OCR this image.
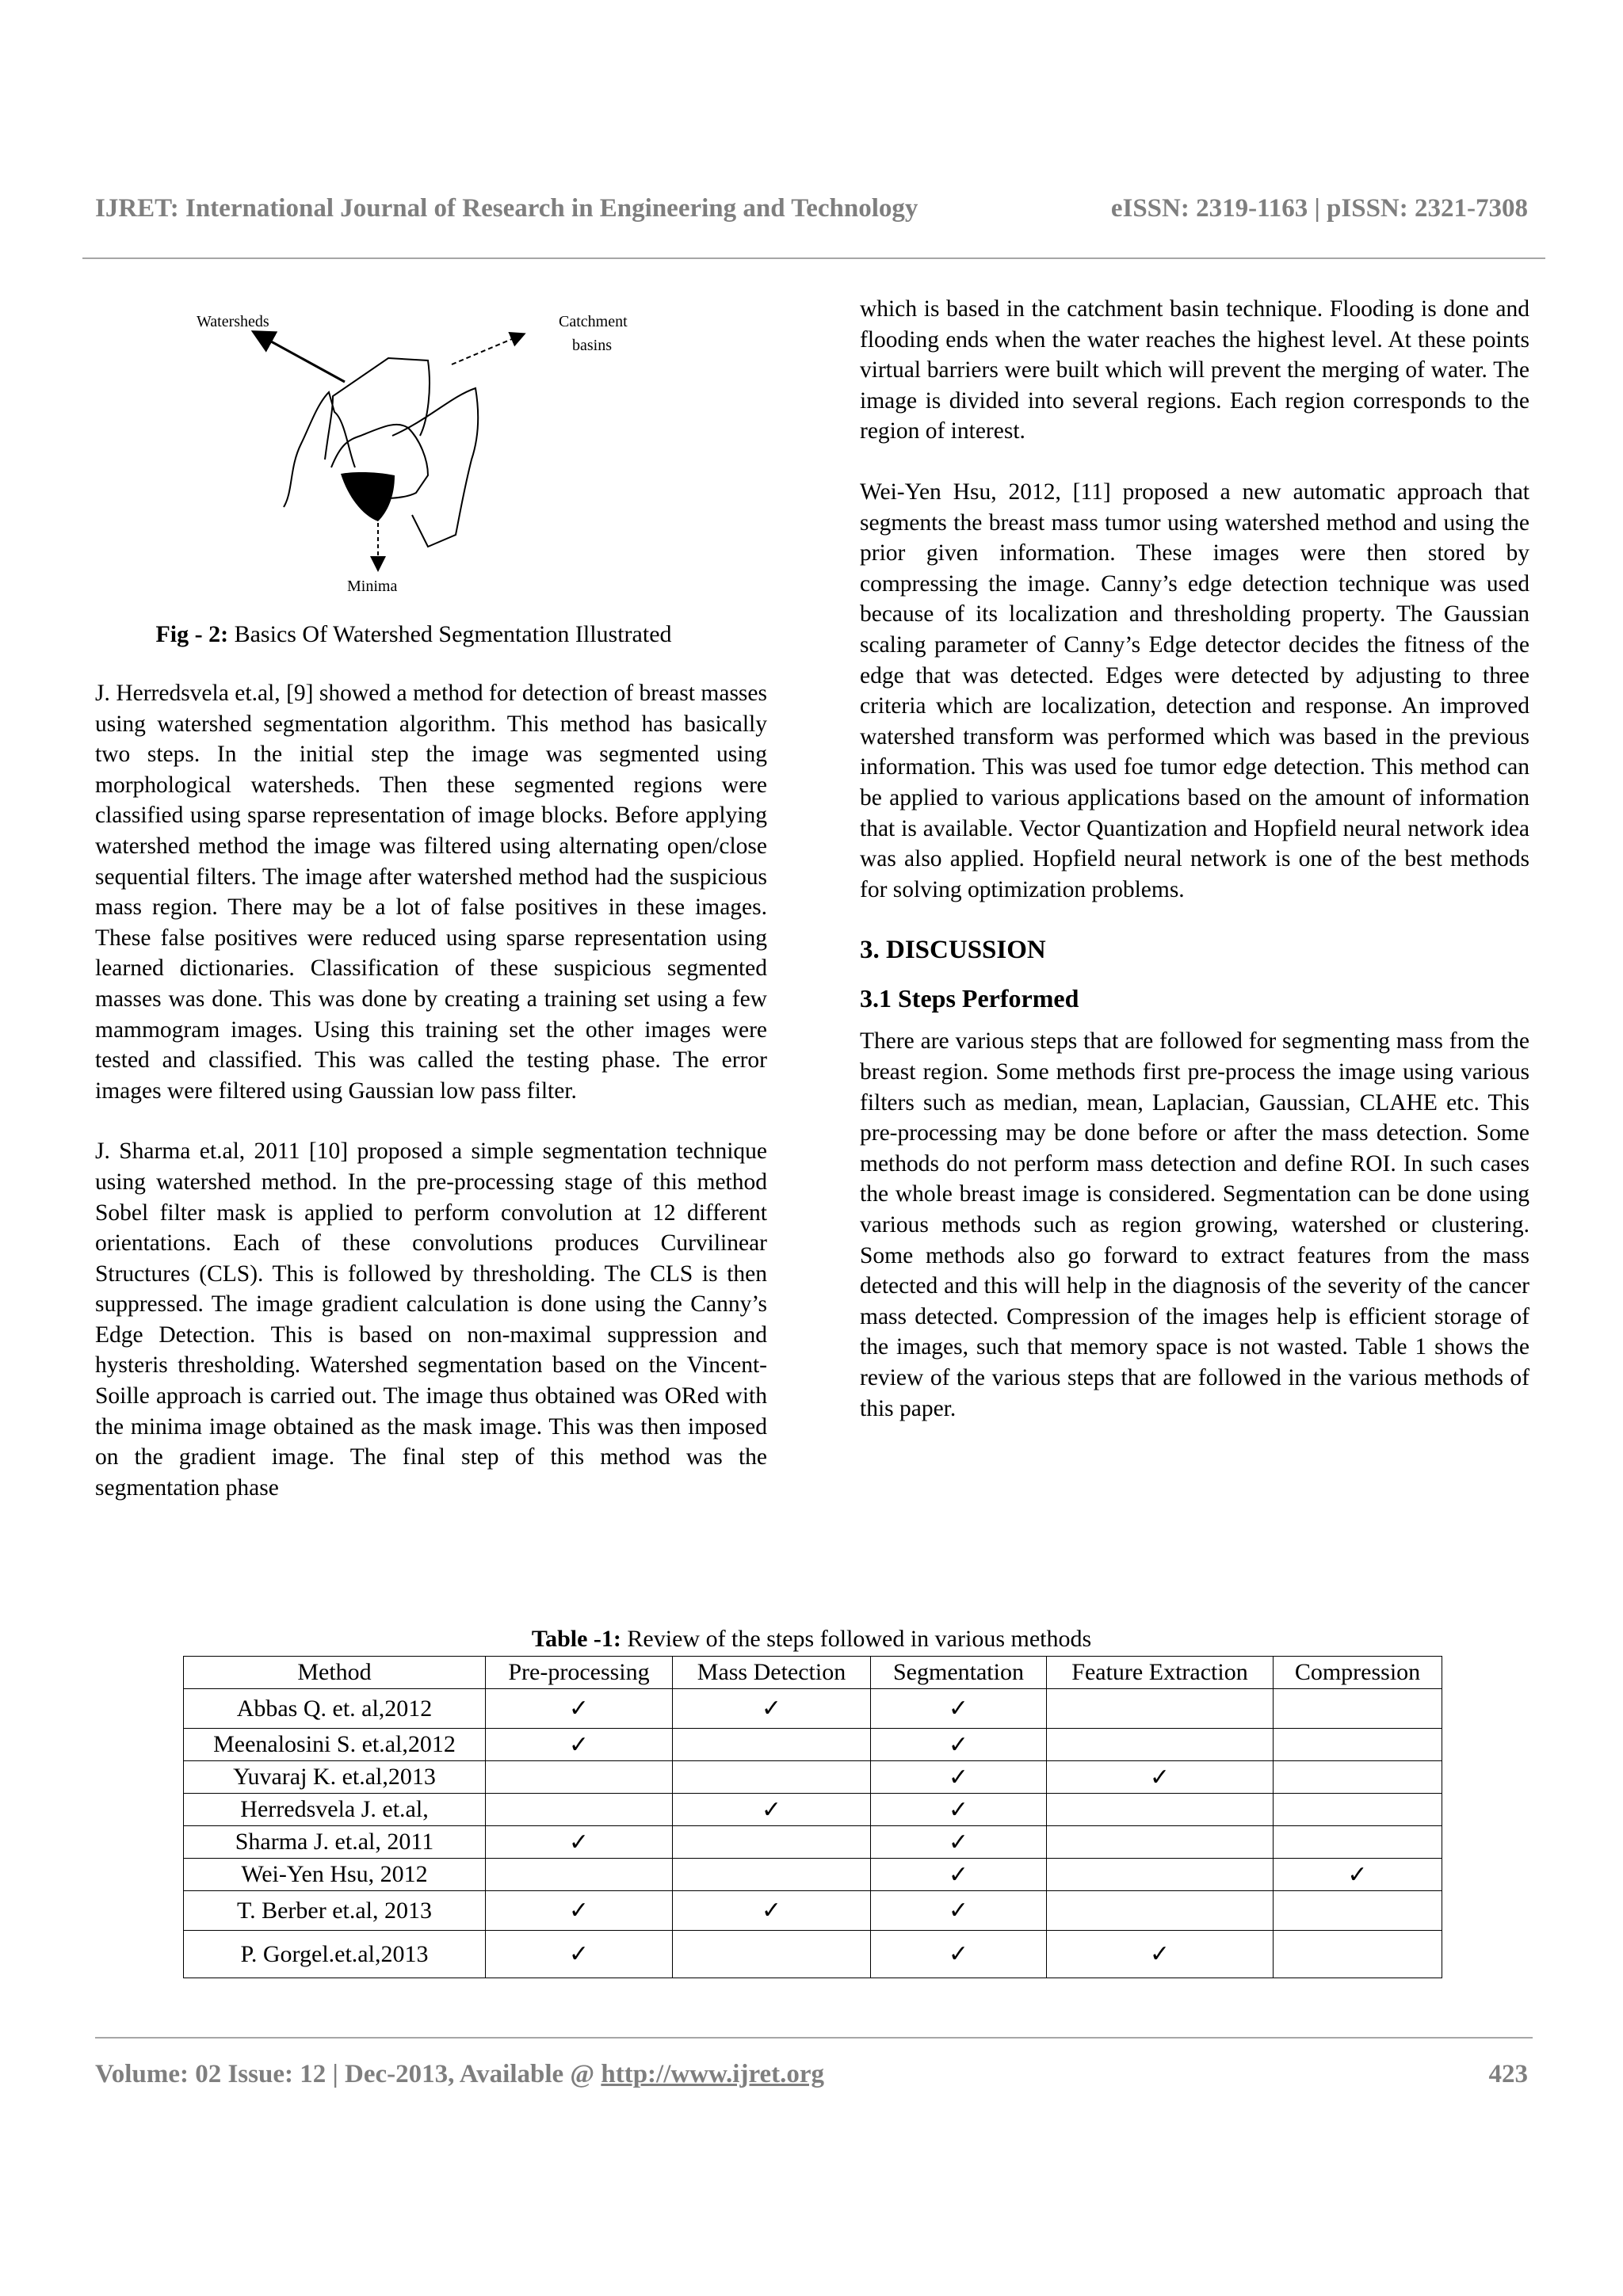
IJRET: International Journal of Research in Engineering and Technology	eISSN: 2319-1163 | pISSN: 2321-7308
Watersheds	Catchment
basins
Minima
Fig - 2: Basics Of Watershed Segmentation Illustrated

J. Herredsvela et.al, [9] showed a method for detection of breast masses using watershed segmentation algorithm. This method has basically two steps. In the initial step the image was segmented using morphological watersheds. Then these segmented regions were classified using sparse representation of image blocks. Before applying watershed method the image was filtered using alternating open/close sequential filters. The image after watershed method had the suspicious mass region. There may be a lot of false positives in these images. These false positives were reduced using sparse representation using learned dictionaries. Classification of these suspicious segmented masses was done. This was done by creating a training set using a few mammogram images. Using this training set the other images were tested and classified. This was called the testing phase. The error images were filtered using Gaussian low pass filter.

J. Sharma et.al, 2011 [10] proposed a simple segmentation technique using watershed method. In the pre-processing stage of this method Sobel filter mask is applied to perform convolution at 12 different orientations. Each of these convolutions produces Curvilinear Structures (CLS). This is followed by thresholding. The CLS is then suppressed. The image gradient calculation is done using the Canny’s Edge Detection. This is based on non-maximal suppression and hysteris thresholding. Watershed segmentation based on the Vincent-Soille approach is carried out. The image thus obtained was ORed with the minima image obtained as the mask image. This was then imposed on the gradient image. The final step of this method was the segmentation phase

which is based in the catchment basin technique. Flooding is done and flooding ends when the water reaches the highest level. At these points virtual barriers were built which will prevent the merging of water. The image is divided into several regions. Each region corresponds to the region of interest.

Wei-Yen Hsu, 2012, [11] proposed a new automatic approach that segments the breast mass tumor using watershed method and using the prior given information. These images were then stored by compressing the image. Canny’s edge detection technique was used because of its localization and thresholding property. The Gaussian scaling parameter of Canny’s Edge detector decides the fitness of the edge that was detected. Edges were detected by adjusting to three criteria which are localization, detection and response. An improved watershed transform was performed which was based in the previous information. This was used foe tumor edge detection. This method can be applied to various applications based on the amount of information that is available. Vector Quantization and Hopfield neural network idea was also applied. Hopfield neural network is one of the best methods for solving optimization problems.

3. DISCUSSION
3.1 Steps Performed

There are various steps that are followed for segmenting mass from the breast region. Some methods first pre-process the image using various filters such as median, mean, Laplacian, Gaussian, CLAHE etc. This pre-processing may be done before or after the mass detection. Some methods do not perform mass detection and define ROI. In such cases the whole breast image is considered. Segmentation can be done using various methods such as region growing, watershed or clustering. Some methods also go forward to extract features from the mass detected and this will help in the diagnosis of the severity of the cancer mass detected. Compression of the images help is efficient storage of the images, such that memory space is not wasted. Table 1 shows the review of the various steps that are followed in the various methods of this paper.

Table -1: Review of the steps followed in various methods
Method	Pre-processing	Mass Detection	Segmentation	Feature Extraction	Compression
Abbas Q. et. al,2012	✓	✓	✓		
Meenalosini S. et.al,2012	✓		✓		
Yuvaraj K. et.al,2013			✓	✓	
Herredsvela J. et.al,		✓	✓		
Sharma J. et.al, 2011	✓		✓		
Wei-Yen Hsu, 2012			✓		✓
T. Berber et.al, 2013	✓	✓	✓		
P. Gorgel.et.al,2013	✓		✓	✓	
Volume: 02 Issue: 12 | Dec-2013, Available @ http://www.ijret.org	423
